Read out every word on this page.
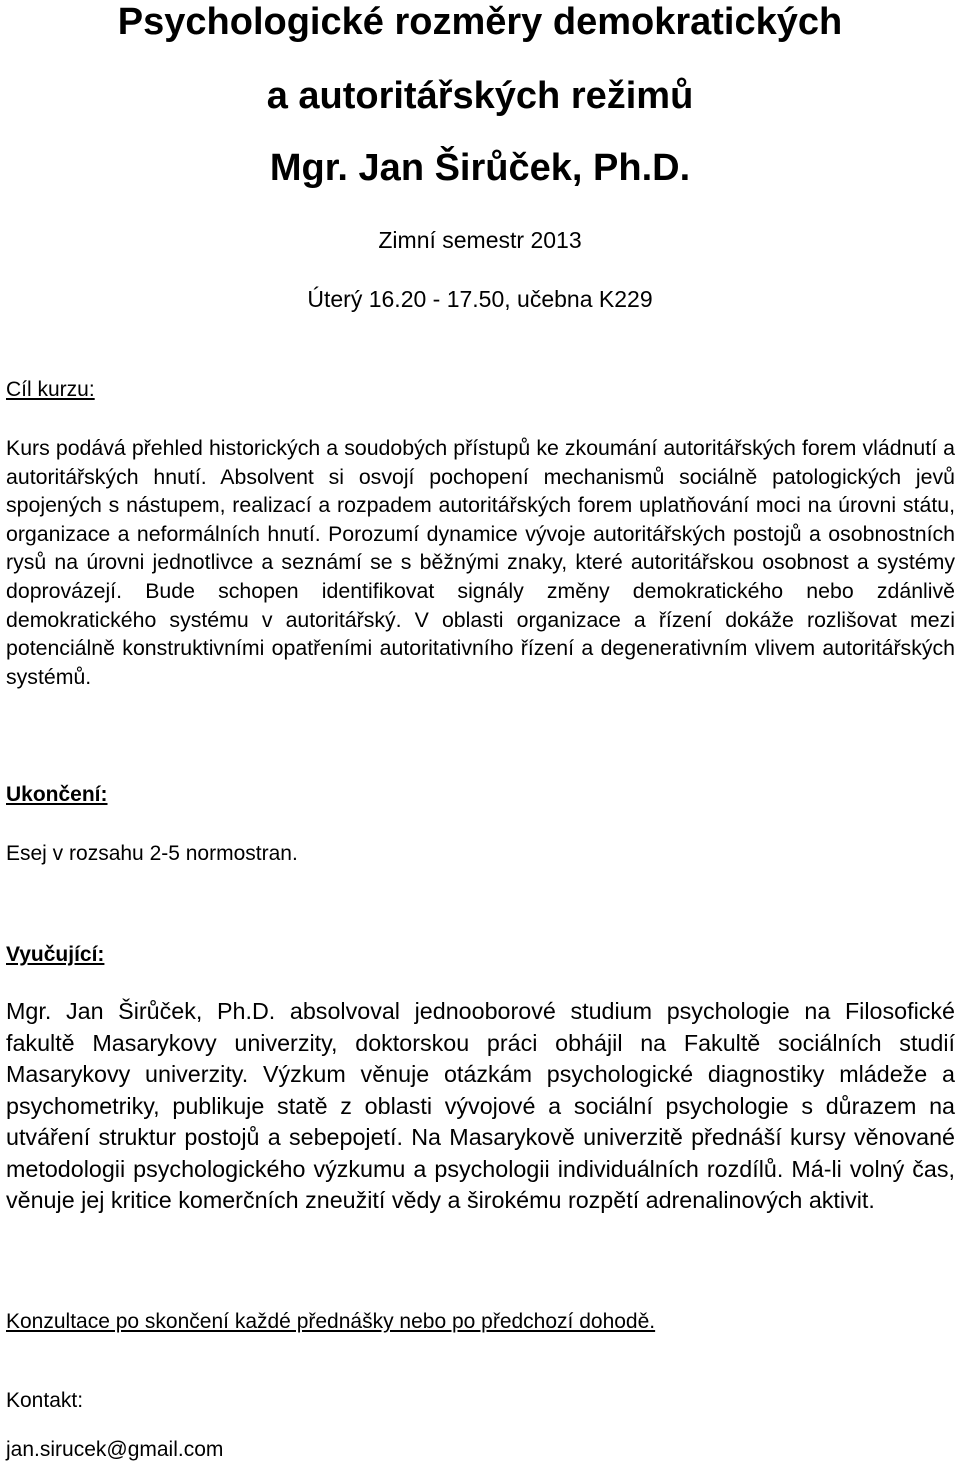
Psychologické rozměry demokratických
a autoritářských režimů
Mgr. Jan Širůček, Ph.D.
Zimní semestr 2013
Úterý 16.20 - 17.50, učebna K229
Cíl kurzu:
Kurs podává přehled historických a soudobých přístupů ke zkoumání autoritářských forem vládnutí a autoritářských hnutí. Absolvent si osvojí pochopení mechanismů sociálně patologických jevů spojených s nástupem, realizací a rozpadem autoritářských forem uplatňování moci na úrovni státu, organizace a neformálních hnutí. Porozumí dynamice vývoje autoritářských postojů a osobnostních rysů na úrovni jednotlivce a seznámí se s běžnými znaky, které autoritářskou osobnost a systémy doprovázejí. Bude schopen identifikovat signály změny demokratického nebo zdánlivě demokratického systému v autoritářský. V oblasti organizace a řízení dokáže rozlišovat mezi potenciálně konstruktivními opatřeními autoritativního řízení a degenerativním vlivem autoritářských systémů.
Ukončení:
Esej v rozsahu 2-5 normostran.
Vyučující:
Mgr. Jan Širůček, Ph.D. absolvoval jednooborové studium psychologie na Filosofické fakultě Masarykovy univerzity, doktorskou práci obhájil na Fakultě sociálních studií Masarykovy univerzity. Výzkum věnuje otázkám psychologické diagnostiky mládeže a psychometriky, publikuje statě z oblasti vývojové a sociální psychologie s důrazem na utváření struktur postojů a sebepojetí. Na Masarykově univerzitě přednáší kursy věnované metodologii psychologického výzkumu a psychologii individuálních rozdílů. Má-li volný čas, věnuje jej kritice komerčních zneužití vědy a širokému rozpětí adrenalinových aktivit.
Konzultace po skončení každé přednášky nebo po předchozí dohodě.
Kontakt:
jan.sirucek@gmail.com
